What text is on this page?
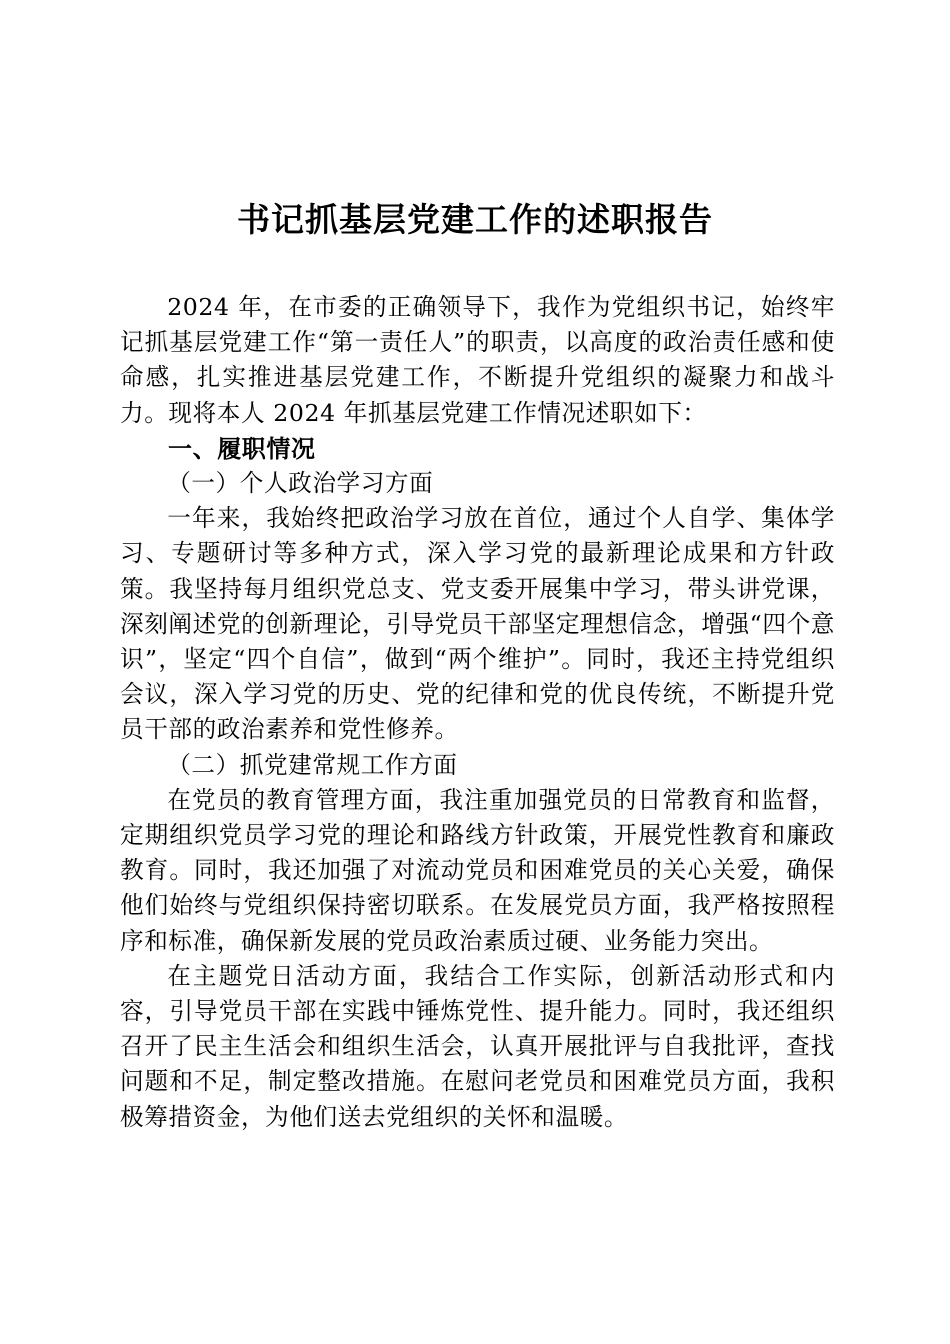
书记抓基层党建工作的述职报告

2024 年，在市委的正确领导下，我作为党组织书记，始终牢记抓基层党建工作“第一责任人”的职责，以高度的政治责任感和使命感，扎实推进基层党建工作，不断提升党组织的凝聚力和战斗力。现将本人 2024 年抓基层党建工作情况述职如下：

一、履职情况

（一）个人政治学习方面

一年来，我始终把政治学习放在首位，通过个人自学、集体学习、专题研讨等多种方式，深入学习党的最新理论成果和方针政策。我坚持每月组织党总支、党支委开展集中学习，带头讲党课，深刻阐述党的创新理论，引导党员干部坚定理想信念，增强“四个意识”，坚定“四个自信”，做到“两个维护”。同时，我还主持党组织会议，深入学习党的历史、党的纪律和党的优良传统，不断提升党员干部的政治素养和党性修养。

（二）抓党建常规工作方面

在党员的教育管理方面，我注重加强党员的日常教育和监督，定期组织党员学习党的理论和路线方针政策，开展党性教育和廉政教育。同时，我还加强了对流动党员和困难党员的关心关爱，确保他们始终与党组织保持密切联系。在发展党员方面，我严格按照程序和标准，确保新发展的党员政治素质过硬、业务能力突出。

在主题党日活动方面，我结合工作实际，创新活动形式和内容，引导党员干部在实践中锤炼党性、提升能力。同时，我还组织召开了民主生活会和组织生活会，认真开展批评与自我批评，查找问题和不足，制定整改措施。在慰问老党员和困难党员方面，我积极筹措资金，为他们送去党组织的关怀和温暖。
